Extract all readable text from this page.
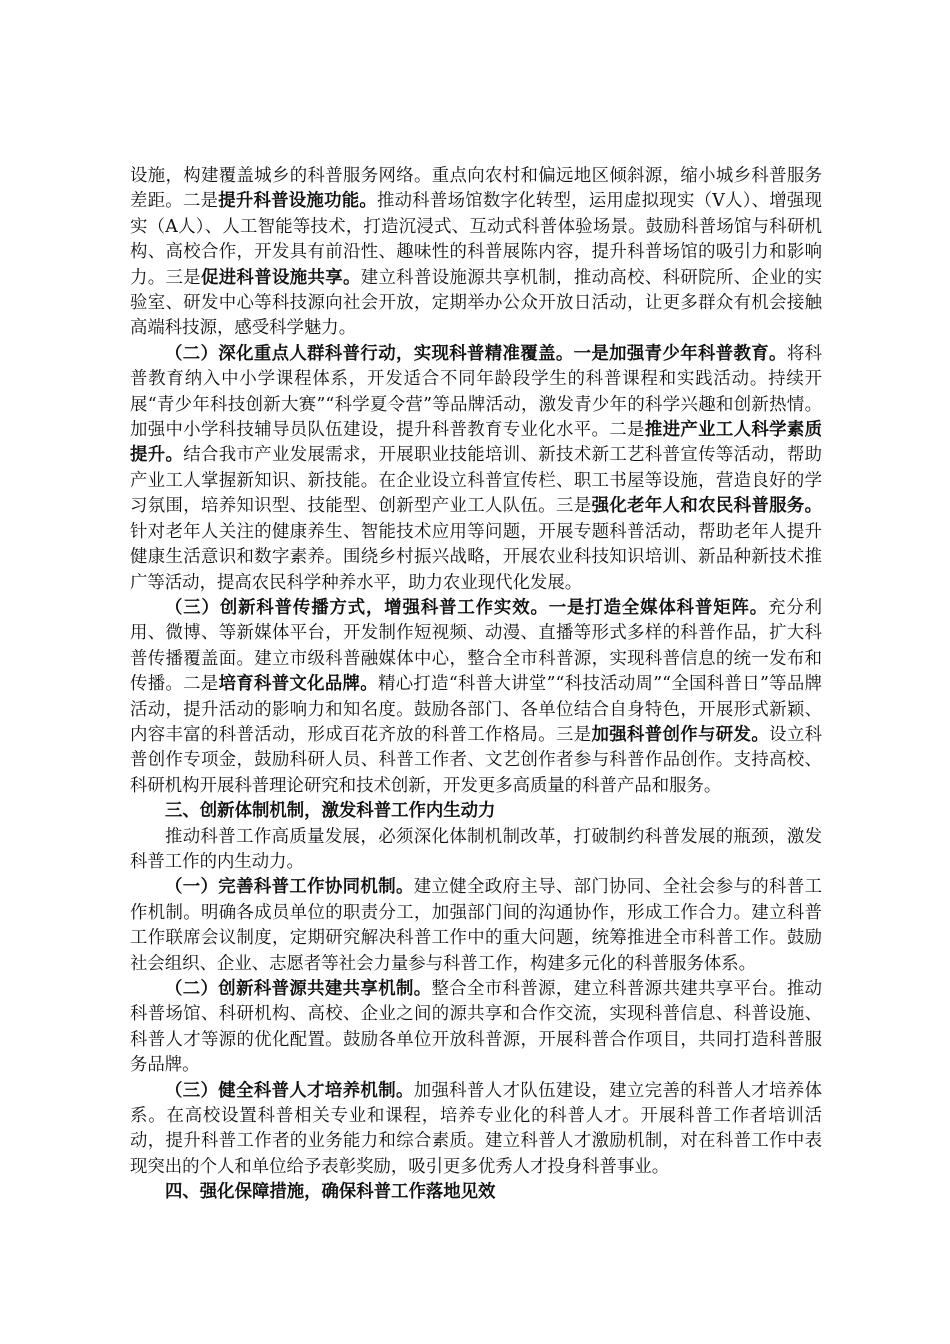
设施，构建覆盖城乡的科普服务网络。重点向农村和偏远地区倾斜源，缩小城乡科普服务差距。二是提升科普设施功能。推动科普场馆数字化转型，运用虚拟现实（V人）、增强现实（A人）、人工智能等技术，打造沉浸式、互动式科普体验场景。鼓励科普场馆与科研机构、高校合作，开发具有前沿性、趣味性的科普展陈内容，提升科普场馆的吸引力和影响力。三是促进科普设施共享。建立科普设施源共享机制，推动高校、科研院所、企业的实验室、研发中心等科技源向社会开放，定期举办公众开放日活动，让更多群众有机会接触高端科技源，感受科学魅力。

（二）深化重点人群科普行动，实现科普精准覆盖。一是加强青少年科普教育。将科普教育纳入中小学课程体系，开发适合不同年龄段学生的科普课程和实践活动。持续开展“青少年科技创新大赛”“科学夏令营”等品牌活动，激发青少年的科学兴趣和创新热情。加强中小学科技辅导员队伍建设，提升科普教育专业化水平。二是推进产业工人科学素质提升。结合我市产业发展需求，开展职业技能培训、新技术新工艺科普宣传等活动，帮助产业工人掌握新知识、新技能。在企业设立科普宣传栏、职工书屋等设施，营造良好的学习氛围，培养知识型、技能型、创新型产业工人队伍。三是强化老年人和农民科普服务。针对老年人关注的健康养生、智能技术应用等问题，开展专题科普活动，帮助老年人提升健康生活意识和数字素养。围绕乡村振兴战略，开展农业科技知识培训、新品种新技术推广等活动，提高农民科学种养水平，助力农业现代化发展。

（三）创新科普传播方式，增强科普工作实效。一是打造全媒体科普矩阵。充分利用、微博、等新媒体平台，开发制作短视频、动漫、直播等形式多样的科普作品，扩大科普传播覆盖面。建立市级科普融媒体中心，整合全市科普源，实现科普信息的统一发布和传播。二是培育科普文化品牌。精心打造“科普大讲堂”“科技活动周”“全国科普日”等品牌活动，提升活动的影响力和知名度。鼓励各部门、各单位结合自身特色，开展形式新颖、内容丰富的科普活动，形成百花齐放的科普工作格局。三是加强科普创作与研发。设立科普创作专项金，鼓励科研人员、科普工作者、文艺创作者参与科普作品创作。支持高校、科研机构开展科普理论研究和技术创新，开发更多高质量的科普产品和服务。

三、创新体制机制，激发科普工作内生动力

推动科普工作高质量发展，必须深化体制机制改革，打破制约科普发展的瓶颈，激发科普工作的内生动力。

（一）完善科普工作协同机制。建立健全政府主导、部门协同、全社会参与的科普工作机制。明确各成员单位的职责分工，加强部门间的沟通协作，形成工作合力。建立科普工作联席会议制度，定期研究解决科普工作中的重大问题，统筹推进全市科普工作。鼓励社会组织、企业、志愿者等社会力量参与科普工作，构建多元化的科普服务体系。

（二）创新科普源共建共享机制。整合全市科普源，建立科普源共建共享平台。推动科普场馆、科研机构、高校、企业之间的源共享和合作交流，实现科普信息、科普设施、科普人才等源的优化配置。鼓励各单位开放科普源，开展科普合作项目，共同打造科普服务品牌。

（三）健全科普人才培养机制。加强科普人才队伍建设，建立完善的科普人才培养体系。在高校设置科普相关专业和课程，培养专业化的科普人才。开展科普工作者培训活动，提升科普工作者的业务能力和综合素质。建立科普人才激励机制，对在科普工作中表现突出的个人和单位给予表彰奖励，吸引更多优秀人才投身科普事业。

四、强化保障措施，确保科普工作落地见效
